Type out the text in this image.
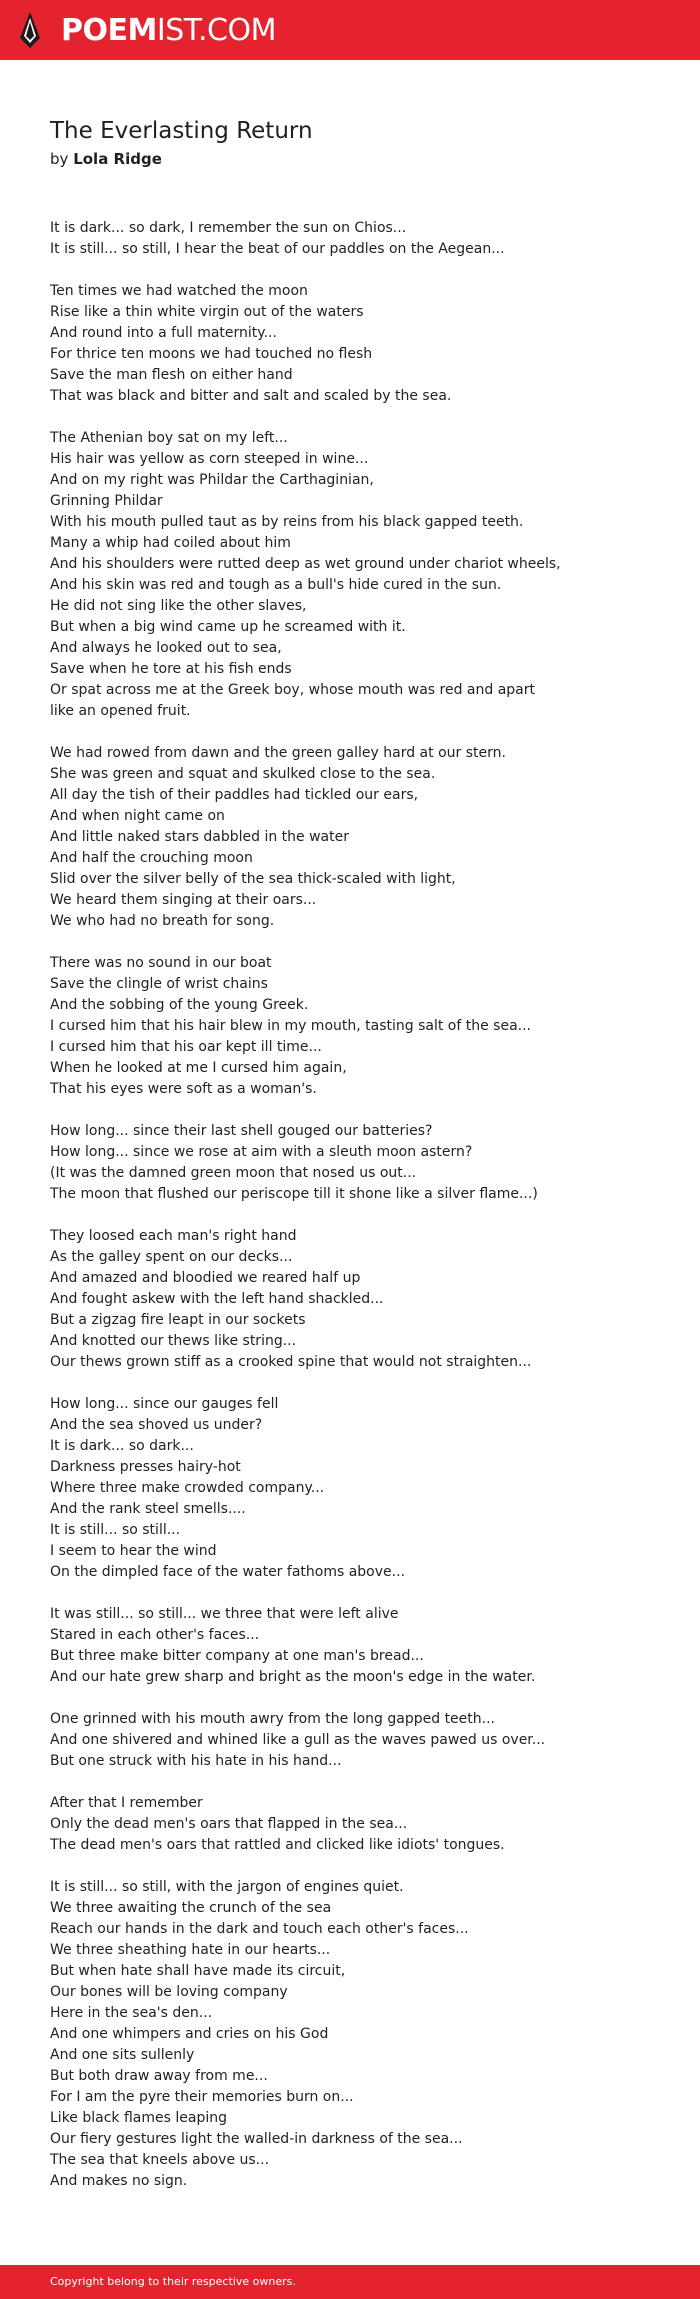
POEMIST.COM
The Everlasting Return
by Lola Ridge
It is dark... so dark, I remember the sun on Chios...
It is still... so still, I hear the beat of our paddles on the Aegean...
Ten times we had watched the moon
Rise like a thin white virgin out of the waters
And round into a full maternity...
For thrice ten moons we had touched no flesh
Save the man flesh on either hand
That was black and bitter and salt and scaled by the sea.
The Athenian boy sat on my left...
His hair was yellow as corn steeped in wine...
And on my right was Phildar the Carthaginian,
Grinning Phildar
With his mouth pulled taut as by reins from his black gapped teeth.
Many a whip had coiled about him
And his shoulders were rutted deep as wet ground under chariot wheels,
And his skin was red and tough as a bull's hide cured in the sun.
He did not sing like the other slaves,
But when a big wind came up he screamed with it.
And always he looked out to sea,
Save when he tore at his fish ends
Or spat across me at the Greek boy, whose mouth was red and apart
like an opened fruit.
We had rowed from dawn and the green galley hard at our stern.
She was green and squat and skulked close to the sea.
All day the tish of their paddles had tickled our ears,
And when night came on
And little naked stars dabbled in the water
And half the crouching moon
Slid over the silver belly of the sea thick-scaled with light,
We heard them singing at their oars...
We who had no breath for song.
There was no sound in our boat
Save the clingle of wrist chains
And the sobbing of the young Greek.
I cursed him that his hair blew in my mouth, tasting salt of the sea...
I cursed him that his oar kept ill time...
When he looked at me I cursed him again,
That his eyes were soft as a woman's.
How long... since their last shell gouged our batteries?
How long... since we rose at aim with a sleuth moon astern?
(It was the damned green moon that nosed us out...
The moon that flushed our periscope till it shone like a silver flame...)
They loosed each man's right hand
As the galley spent on our decks...
And amazed and bloodied we reared half up
And fought askew with the left hand shackled...
But a zigzag fire leapt in our sockets
And knotted our thews like string...
Our thews grown stiff as a crooked spine that would not straighten...
How long... since our gauges fell
And the sea shoved us under?
It is dark... so dark...
Darkness presses hairy-hot
Where three make crowded company...
And the rank steel smells....
It is still... so still...
I seem to hear the wind
On the dimpled face of the water fathoms above...
It was still... so still... we three that were left alive
Stared in each other's faces...
But three make bitter company at one man's bread...
And our hate grew sharp and bright as the moon's edge in the water.
One grinned with his mouth awry from the long gapped teeth...
And one shivered and whined like a gull as the waves pawed us over...
But one struck with his hate in his hand...
After that I remember
Only the dead men's oars that flapped in the sea...
The dead men's oars that rattled and clicked like idiots' tongues.
It is still... so still, with the jargon of engines quiet.
We three awaiting the crunch of the sea
Reach our hands in the dark and touch each other's faces...
We three sheathing hate in our hearts...
But when hate shall have made its circuit,
Our bones will be loving company
Here in the sea's den...
And one whimpers and cries on his God
And one sits sullenly
But both draw away from me...
For I am the pyre their memories burn on...
Like black flames leaping
Our fiery gestures light the walled-in darkness of the sea...
The sea that kneels above us...
And makes no sign.
Copyright belong to their respective owners.
